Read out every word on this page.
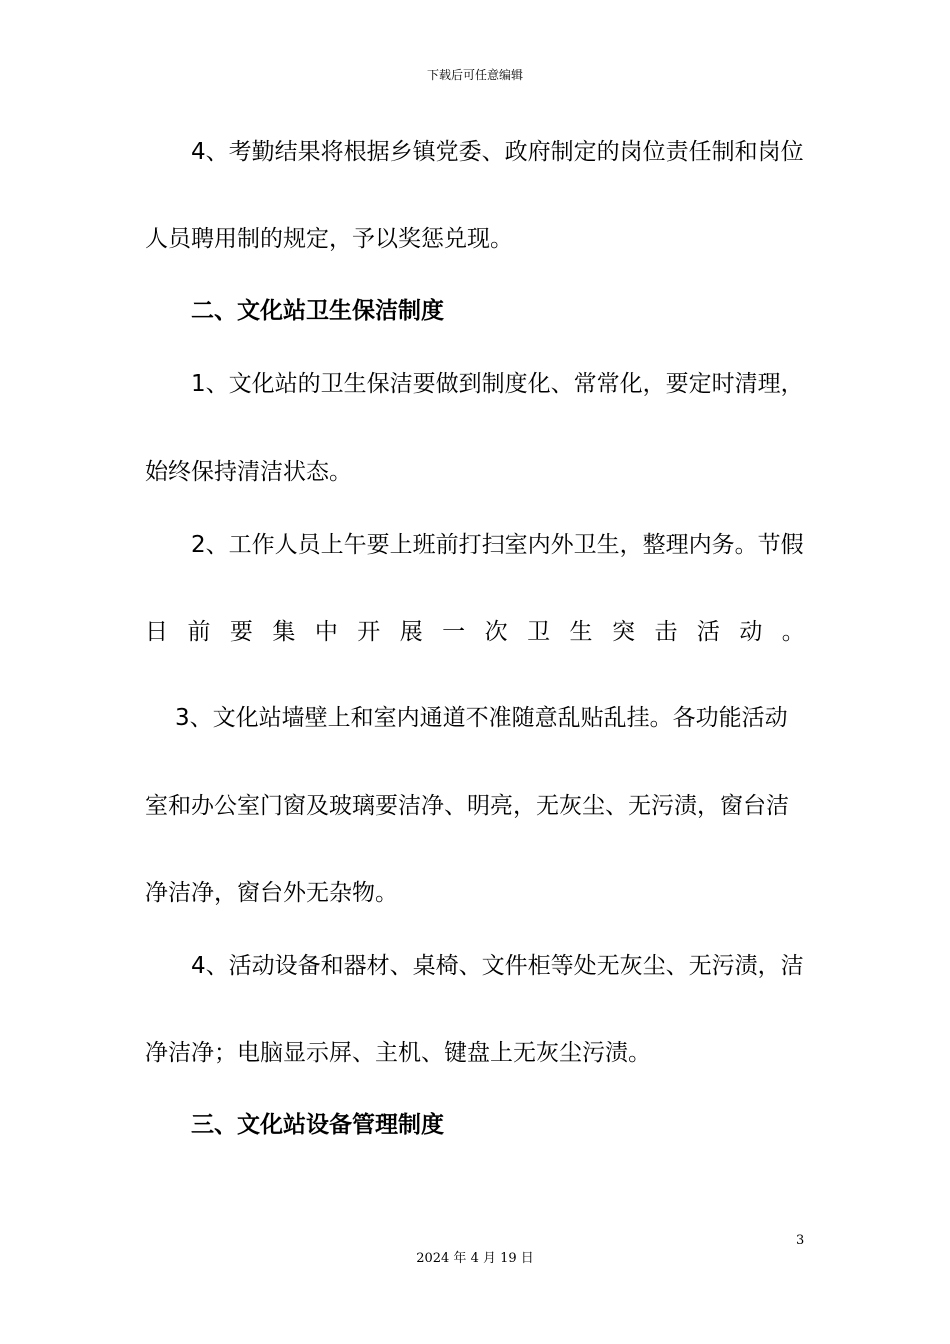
下载后可任意编辑
4、考勤结果将根据乡镇党委、政府制定的岗位责任制和岗位
人员聘用制的规定，予以奖惩兑现。
二、文化站卫生保洁制度
1、文化站的卫生保洁要做到制度化、常常化，要定时清理，
始终保持清洁状态。
2、工作人员上午要上班前打扫室内外卫生，整理内务。节假
日 前 要 集 中 开 展 一 次 卫 生 突 击 活 动 。
3、文化站墙壁上和室内通道不准随意乱贴乱挂。各功能活动
室和办公室门窗及玻璃要洁净、明亮，无灰尘、无污渍，窗台洁
净洁净，窗台外无杂物。
4、活动设备和器材、桌椅、文件柜等处无灰尘、无污渍，洁
净洁净；电脑显示屏、主机、键盘上无灰尘污渍。
三、文化站设备管理制度
3
2024 年 4 月 19 日
